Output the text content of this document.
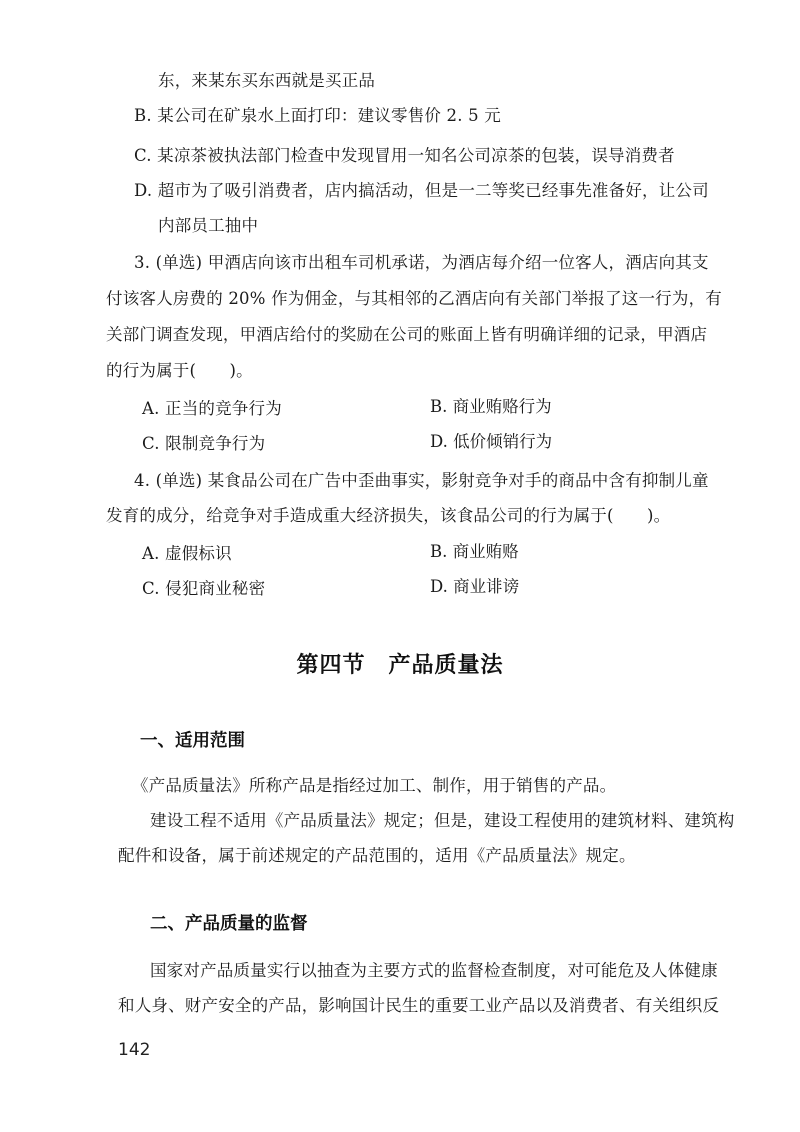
东，来某东买东西就是买正品
B. 某公司在矿泉水上面打印：建议零售价 2. 5 元
C. 某凉茶被执法部门检查中发现冒用一知名公司凉茶的包装，误导消费者
D. 超市为了吸引消费者，店内搞活动，但是一二等奖已经事先准备好，让公司
内部员工抽中
3. (单选) 甲酒店向该市出租车司机承诺，为酒店每介绍一位客人，酒店向其支
付该客人房费的 20% 作为佣金，与其相邻的乙酒店向有关部门举报了这一行为，有
关部门调查发现，甲酒店给付的奖励在公司的账面上皆有明确详细的记录，甲酒店
的行为属于(　　)。
A. 正当的竞争行为	B. 商业贿赂行为
C. 限制竞争行为	D. 低价倾销行为
4. (单选) 某食品公司在广告中歪曲事实，影射竞争对手的商品中含有抑制儿童
发育的成分，给竞争对手造成重大经济损失，该食品公司的行为属于(　　)。
A. 虚假标识	B. 商业贿赂
C. 侵犯商业秘密	D. 商业诽谤
第四节　产品质量法
一、适用范围
《产品质量法》所称产品是指经过加工、制作，用于销售的产品。
建设工程不适用《产品质量法》规定；但是，建设工程使用的建筑材料、建筑构
配件和设备，属于前述规定的产品范围的，适用《产品质量法》规定。
二、产品质量的监督
国家对产品质量实行以抽查为主要方式的监督检查制度，对可能危及人体健康
和人身、财产安全的产品，影响国计民生的重要工业产品以及消费者、有关组织反
142
